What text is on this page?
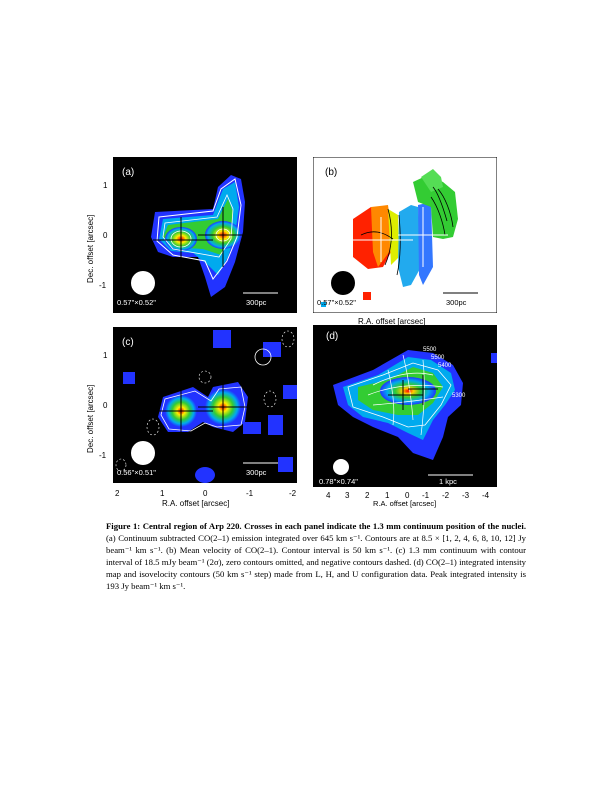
(a)
0.57"×0.52"	300pc
(b)
0.57"×0.52"	300pc
(c)
0.56"×0.51"	300pc
(d)
5500
5500
5400
5300
0.78"×0.74"	1 kpc
1
0
-1
1
0
-1
Dec. offset [arcsec]
Dec. offset [arcsec]
2	1	0	-1	-2
R.A. offset [arcsec]
4 3 2 1 0 -1 -2 -3 -4
R.A. offset [arcsec]
R.A. offset [arcsec]
Figure 1: Central region of Arp 220. Crosses in each panel indicate the 1.3 mm continuum position of the nuclei. (a) Continuum subtracted CO(2–1) emission integrated over 645 km s⁻¹. Contours are at 8.5 × [1, 2, 4, 6, 8, 10, 12] Jy beam⁻¹ km s⁻¹. (b) Mean velocity of CO(2–1). Contour interval is 50 km s⁻¹. (c) 1.3 mm continuum with contour interval of 18.5 mJy beam⁻¹ (2σ), zero contours omitted, and negative contours dashed. (d) CO(2–1) integrated intensity map and isovelocity contours (50 km s⁻¹ step) made from L, H, and U configuration data. Peak integrated intensity is 193 Jy beam⁻¹ km s⁻¹.
